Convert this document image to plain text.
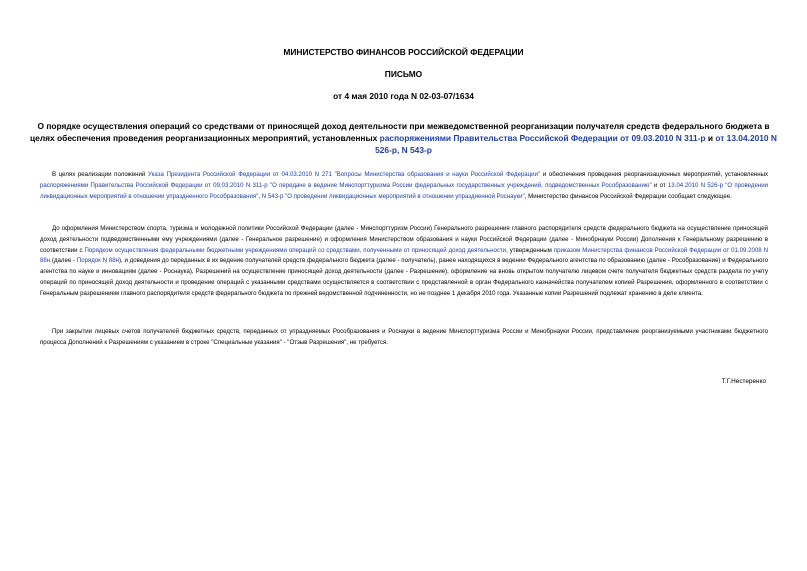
МИНИСТЕРСТВО ФИНАНСОВ РОССИЙСКОЙ ФЕДЕРАЦИИ
ПИСЬМО
от 4 мая 2010 года N 02-03-07/1634
О порядке осуществления операций со средствами от приносящей доход деятельности при межведомственной реорганизации получателя средств федерального бюджета в целях обеспечения проведения реорганизационных мероприятий, установленных распоряжениями Правительства Российской Федерации от 09.03.2010 N 311-р и от 13.04.2010 N 526-р, N 543-р

В целях реализации положений Указа Президента Российской Федерации от 04.03.2010 N 271 "Вопросы Министерства образования и науки Российской Федерации" и обеспечения проведения реорганизационных мероприятий, установленных распоряжениями Правительства Российской Федерации от 09.03.2010 N 311-р "О передаче в ведение Минспорттуризма России федеральных государственных учреждений, подведомственных Рособразованию" и от 13.04.2010 N 526-р "О проведении ликвидационных мероприятий в отношении упраздненного Рособразования", N 543-р "О проведении ликвидационных мероприятий в отношении упраздненной Роснауки", Министерство финансов Российской Федерации сообщает следующее.

До оформления Министерством спорта, туризма и молодежной политики Российской Федерации (далее - Минспорттуризм России) Генерального разрешения главного распорядителя средств федерального бюджета на осуществление приносящей доход деятельности подведомственными ему учреждениями (далее - Генеральное разрешение) и оформления Министерством образования и науки Российской Федерации (далее - Минобрнауки России) Дополнения к Генеральному разрешению в соответствии с Порядком осуществления федеральными бюджетными учреждениями операций со средствами, полученными от приносящей доход деятельности, утвержденным приказом Министерства финансов Российской Федерации от 01.09.2008 N 88н (далее - Порядок N 88н), и доведения до переданных в их ведение получателей средств федерального бюджета (далее - получатель), ранее находящихся в ведении Федерального агентства по образованию (далее - Рособразование) и Федерального агентства по науке и инновациям (далее - Роснаука), Разрешений на осуществление приносящей доход деятельности (далее - Разрешение), оформление на вновь открытом получателю лицевом счете получателя бюджетных средств раздела по учету операций по приносящей доход деятельности и проведение операций с указанными средствами осуществляется в соответствии с представленной в орган Федерального казначейства получателем копией Разрешения, оформленного в соответствии с Генеральным разрешением главного распорядителя средств федерального бюджета по прежней ведомственной подчиненности, но не позднее 1 декабря 2010 года. Указанные копии Разрешений подлежат хранению в деле клиента.

При закрытии лицевых счетов получателей бюджетных средств, переданных от упраздняемых Рособразования и Роснауки в ведение Минспорттуризма России и Минобрнауки России, представление реорганизуемыми участниками бюджетного процесса Дополнений к Разрешениям с указанием в строке "Специальные указания" - "Отзыв Разрешения", не требуется.

Т.Г.Нестеренко
